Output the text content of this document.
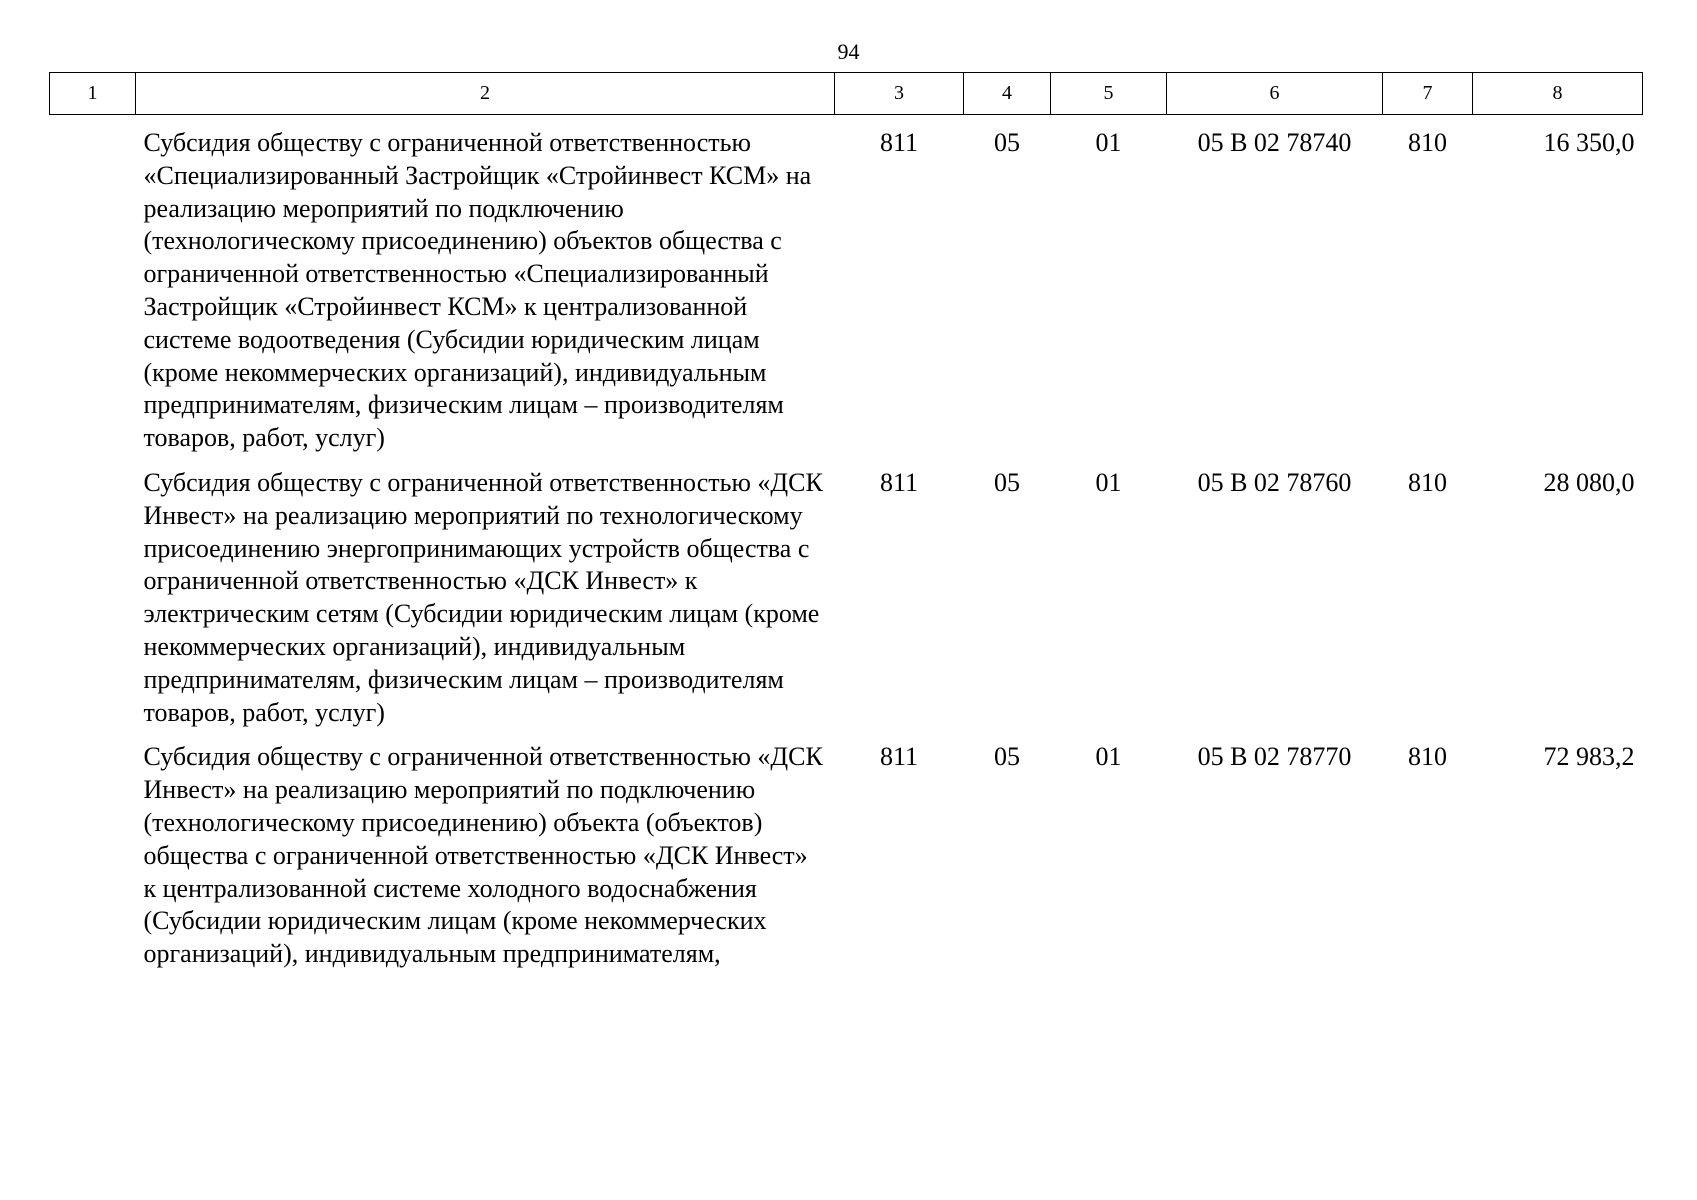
94
1	2	3	4	5	6	7	8
	Субсидия обществу с ограниченной ответственностью «Специализированный Застройщик «Стройинвест КСМ» на реализацию мероприятий по подключению (технологическому присоединению) объектов общества с ограниченной ответственностью «Специализированный Застройщик «Стройинвест КСМ» к централизованной системе водоотведения (Субсидии юридическим лицам (кроме некоммерческих организаций), индивидуальным предпринимателям, физическим лицам – производителям товаров, работ, услуг)	811	05	01	05 В 02 78740	810	16 350,0
	Субсидия обществу с ограниченной ответственностью «ДСК Инвест» на реализацию мероприятий по технологическому присоединению энергопринимающих устройств общества с ограниченной ответственностью «ДСК Инвест» к электрическим сетям (Субсидии юридическим лицам (кроме некоммерческих организаций), индивидуальным предпринимателям, физическим лицам – производителям товаров, работ, услуг)	811	05	01	05 В 02 78760	810	28 080,0
	Субсидия обществу с ограниченной ответственностью «ДСК Инвест» на реализацию мероприятий по подключению (технологическому присоединению) объекта (объектов) общества с ограниченной ответственностью «ДСК Инвест» к централизованной системе холодного водоснабжения (Субсидии юридическим лицам (кроме некоммерческих организаций), индивидуальным предпринимателям,	811	05	01	05 В 02 78770	810	72 983,2
